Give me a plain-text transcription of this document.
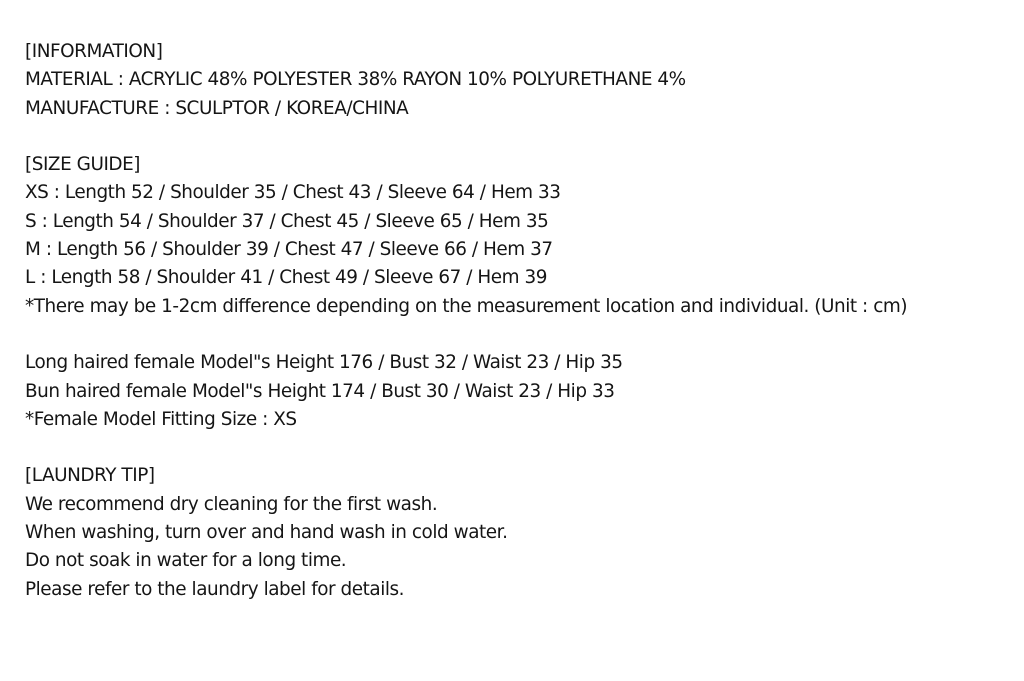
[INFORMATION]
MATERIAL : ACRYLIC 48% POLYESTER 38% RAYON 10% POLYURETHANE 4%
MANUFACTURE : SCULPTOR / KOREA/CHINA
[SIZE GUIDE]
XS : Length 52 / Shoulder 35 / Chest 43 / Sleeve 64 / Hem 33
S : Length 54 / Shoulder 37 / Chest 45 / Sleeve 65 / Hem 35
M : Length 56 / Shoulder 39 / Chest 47 / Sleeve 66 / Hem 37
L : Length 58 / Shoulder 41 / Chest 49 / Sleeve 67 / Hem 39
*There may be 1-2cm difference depending on the measurement location and individual. (Unit : cm)
Long haired female Model"s Height 176 / Bust 32 / Waist 23 / Hip 35
Bun haired female Model"s Height 174 / Bust 30 / Waist 23 / Hip 33
*Female Model Fitting Size : XS
[LAUNDRY TIP]
We recommend dry cleaning for the first wash.
When washing, turn over and hand wash in cold water.
Do not soak in water for a long time.
Please refer to the laundry label for details.
